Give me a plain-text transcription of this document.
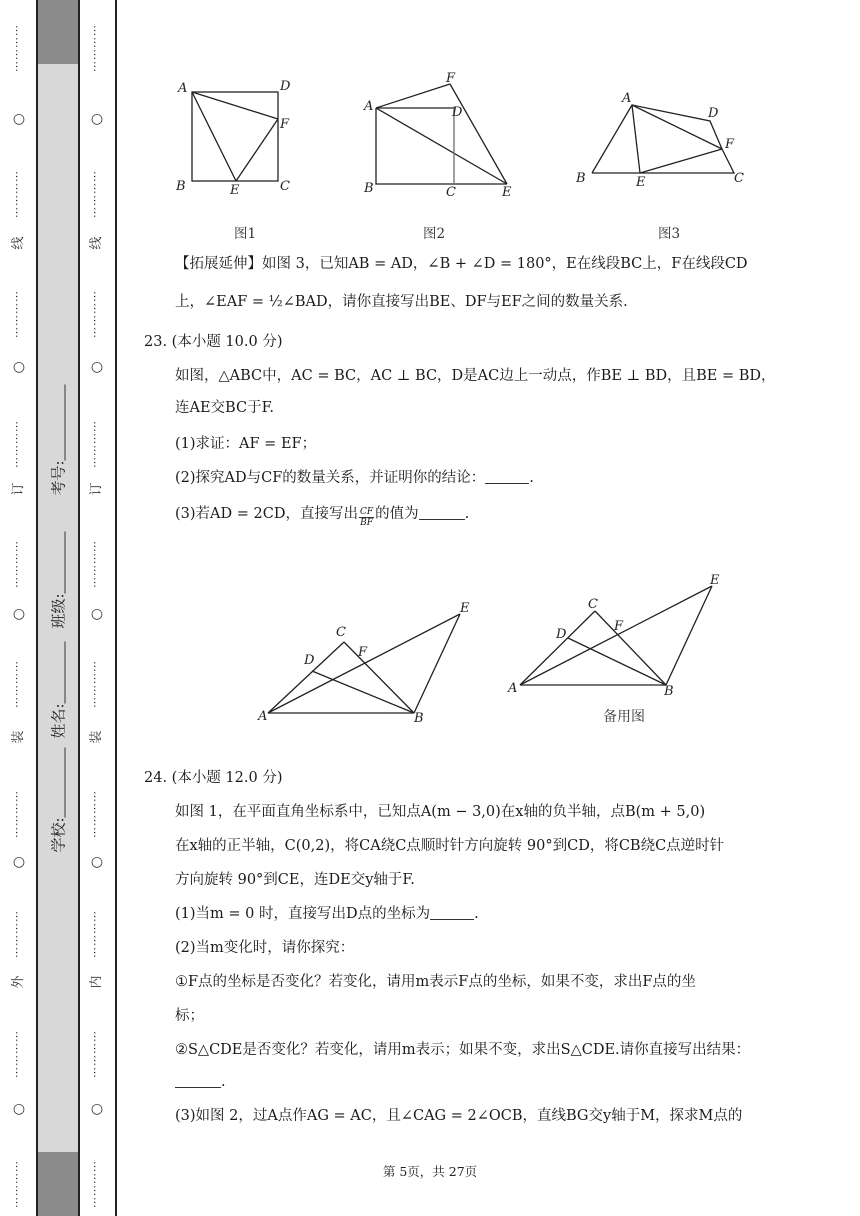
…………
○
…………
线
…………
○
…………
订
…………
○
…………
装
…………
○
…………
外
…………
○
…………
…………
○
…………
线
…………
○
…………
订
…………
○
…………
装
…………
○
…………
内
…………
○
…………
学校:
姓名:
班级:
考号:
A	D
F
B	E	C
A
F
D
B	C	E
A
D
F
B	E	C
图1	图2	图3
【拓展延伸】如图 3，已知AB = AD，∠B + ∠D = 180°，E在线段BC上，F在线段CD
上，∠EAF = ½∠BAD，请你直接写出BE、DF与EF之间的数量关系.
23. (本小题 10.0 分)
如图，△ABC中，AC = BC，AC ⊥ BC，D是AC边上一动点，作BE ⊥ BD，且BE = BD，
连AE交BC于F.
(1)求证：AF = EF；
(2)探究AD与CF的数量关系，并证明你的结论：	.
(3)若AD = 2CD，直接写出 $\frac{CF}{BF}$ 的值为	.
A
C
D
F
E
B
A
C
D
F
E
B
备用图
24. (本小题 12.0 分)
如图 1，在平面直角坐标系中，已知点A(m − 3,0)在x轴的负半轴，点B(m + 5,0)
在x轴的正半轴，C(0,2)，将CA绕C点顺时针方向旋转 90°到CD，将CB绕C点逆时针
方向旋转 90°到CE，连DE交y轴于F.
(1)当m = 0 时，直接写出D点的坐标为	.
(2)当m变化时，请你探究：
①F点的坐标是否变化？若变化，请用m表示F点的坐标，如果不变，求出F点的坐
标；
②S△CDE是否变化？若变化，请用m表示；如果不变，求出S△CDE.请你直接写出结果：
.
(3)如图 2，过A点作AG = AC，且∠CAG = 2∠OCB，直线BG交y轴于M，探求M点的
第 5页，共 27页
